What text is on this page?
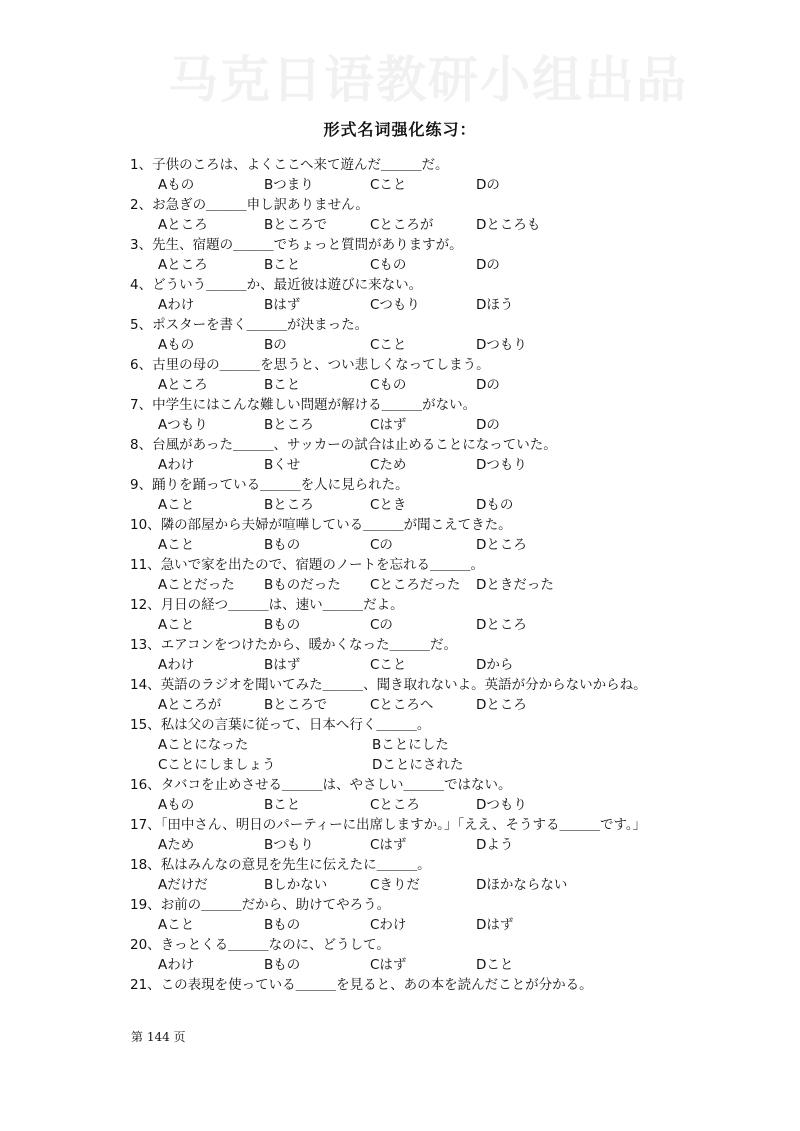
马克日语教研小组出品
形式名词强化练习：
1、子供のころは、よくここへ来て遊んだ＿＿＿だ。
Aもの	Bつまり	Cこと	Dの
2、お急ぎの＿＿＿申し訳ありません。
Aところ	Bところで	Cところが	Dところも
3、先生、宿題の＿＿＿でちょっと質問がありますが。
Aところ	Bこと	Cもの	Dの
4、どういう＿＿＿か、最近彼は遊びに来ない。
Aわけ	Bはず	Cつもり	Dほう
5、ポスターを書く＿＿＿が決まった。
Aもの	Bの	Cこと	Dつもり
6、古里の母の＿＿＿を思うと、つい悲しくなってしまう。
Aところ	Bこと	Cもの	Dの
7、中学生にはこんな難しい問題が解ける＿＿＿がない。
Aつもり	Bところ	Cはず	Dの
8、台風があった＿＿＿、サッカーの試合は止めることになっていた。
Aわけ	Bくせ	Cため	Dつもり
9、踊りを踊っている＿＿＿を人に見られた。
Aこと	Bところ	Cとき	Dもの
10、隣の部屋から夫婦が喧嘩している＿＿＿が聞こえてきた。
Aこと	Bもの	Cの	Dところ
11、急いで家を出たので、宿題のノートを忘れる＿＿＿。
Aことだった	Bものだった	Cところだった	Dときだった
12、月日の経つ＿＿＿は、速い＿＿＿だよ。
Aこと	Bもの	Cの	Dところ
13、エアコンをつけたから、暖かくなった＿＿＿だ。
Aわけ	Bはず	Cこと	Dから
14、英語のラジオを聞いてみた＿＿＿、聞き取れないよ。英語が分からないからね。
Aところが	Bところで	Cところへ	Dところ
15、私は父の言葉に従って、日本へ行く＿＿＿。
Aことになった	Bことにした
Cことにしましょう	Dことにされた
16、タバコを止めさせる＿＿＿は、やさしい＿＿＿ではない。
Aもの	Bこと	Cところ	Dつもり
17、「田中さん、明日のパーティーに出席しますか。」「ええ、そうする＿＿＿です。」
Aため	Bつもり	Cはず	Dよう
18、私はみんなの意見を先生に伝えたに＿＿＿。
Aだけだ	Bしかない	Cきりだ	Dほかならない
19、お前の＿＿＿だから、助けてやろう。
Aこと	Bもの	Cわけ	Dはず
20、きっとくる＿＿＿なのに、どうして。
Aわけ	Bもの	Cはず	Dこと
21、この表現を使っている＿＿＿を見ると、あの本を読んだことが分かる。
第 144 页
